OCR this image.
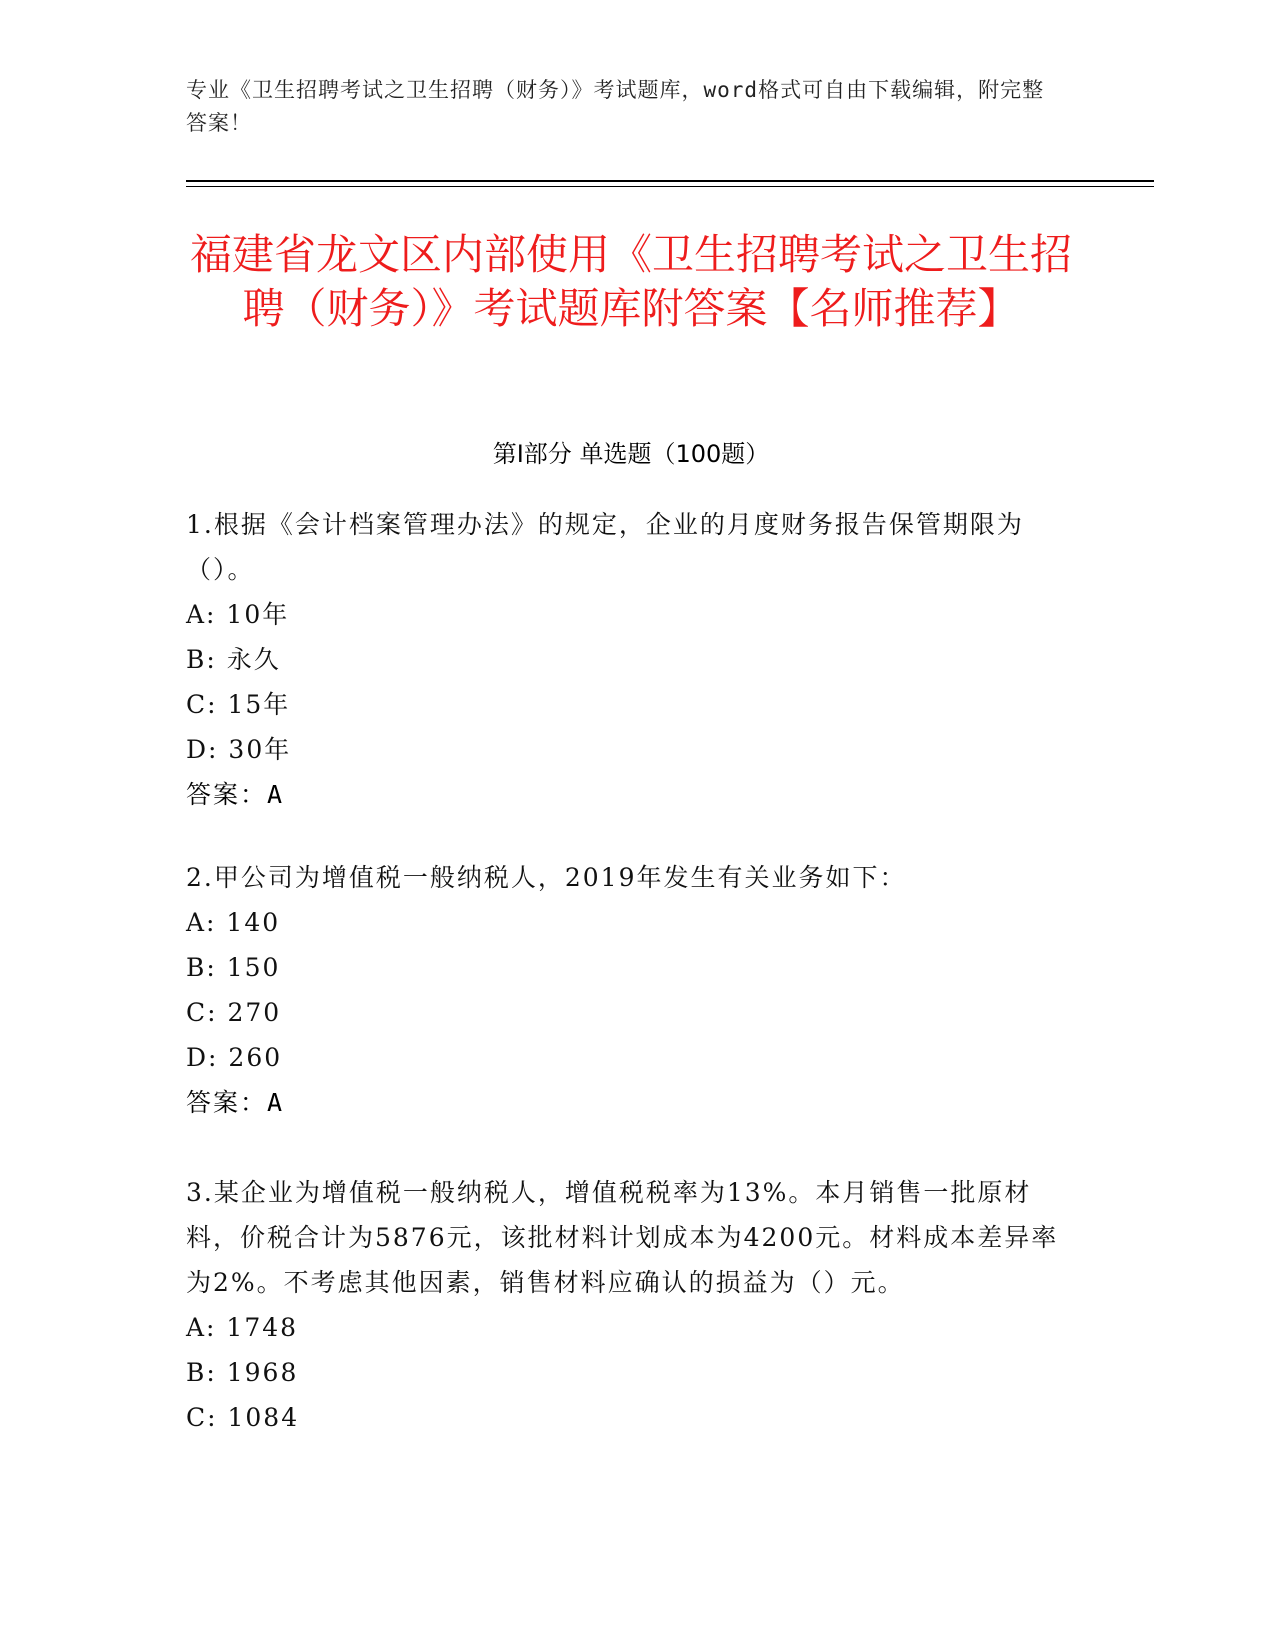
专业《卫生招聘考试之卫生招聘（财务）》考试题库，word格式可自由下载编辑，附完整答案！
福建省龙文区内部使用《卫生招聘考试之卫生招聘（财务）》考试题库附答案【名师推荐】
第Ⅰ部分 单选题（100题）
1.根据《会计档案管理办法》的规定，企业的月度财务报告保管期限为（）。
A: 10年
B: 永久
C: 15年
D: 30年
答案：A
2.甲公司为增值税一般纳税人，2019年发生有关业务如下：
A: 140
B: 150
C: 270
D: 260
答案：A
3.某企业为增值税一般纳税人，增值税税率为13%。本月销售一批原材料，价税合计为5876元，该批材料计划成本为4200元。材料成本差异率为2%。不考虑其他因素，销售材料应确认的损益为（）元。
A: 1748
B: 1968
C: 1084
